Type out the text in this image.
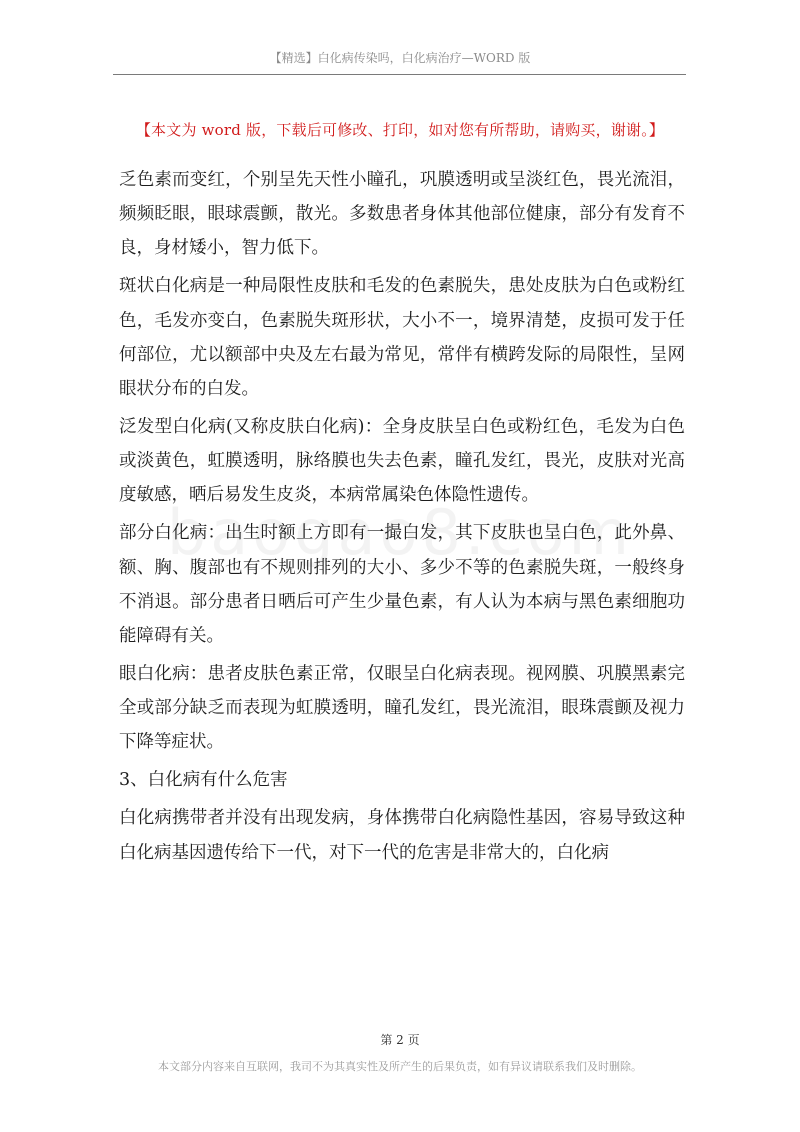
【精选】白化病传染吗，白化病治疗—WORD 版
【本文为 word 版，下载后可修改、打印，如对您有所帮助，请购买，谢谢。】

乏色素而变红，个别呈先天性小瞳孔，巩膜透明或呈淡红色，畏光流泪，频频眨眼，眼球震颤，散光。多数患者身体其他部位健康，部分有发育不良，身材矮小，智力低下。

斑状白化病是一种局限性皮肤和毛发的色素脱失，患处皮肤为白色或粉红色，毛发亦变白，色素脱失斑形状，大小不一，境界清楚，皮损可发于任何部位，尤以额部中央及左右最为常见，常伴有横跨发际的局限性，呈网眼状分布的白发。

泛发型白化病(又称皮肤白化病)：全身皮肤呈白色或粉红色，毛发为白色或淡黄色，虹膜透明，脉络膜也失去色素，瞳孔发红，畏光，皮肤对光高度敏感，晒后易发生皮炎，本病常属染色体隐性遗传。

部分白化病：出生时额上方即有一撮白发，其下皮肤也呈白色，此外鼻、额、胸、腹部也有不规则排列的大小、多少不等的色素脱失斑，一般终身不消退。部分患者日晒后可产生少量色素，有人认为本病与黑色素细胞功能障碍有关。

眼白化病：患者皮肤色素正常，仅眼呈白化病表现。视网膜、巩膜黑素完全或部分缺乏而表现为虹膜透明，瞳孔发红，畏光流泪，眼珠震颤及视力下降等症状。

3、白化病有什么危害

白化病携带者并没有出现发病，身体携带白化病隐性基因，容易导致这种白化病基因遗传给下一代，对下一代的危害是非常大的，白化病

第 2 页
本文部分内容来自互联网，我司不为其真实性及所产生的后果负责，如有异议请联系我们及时删除。
